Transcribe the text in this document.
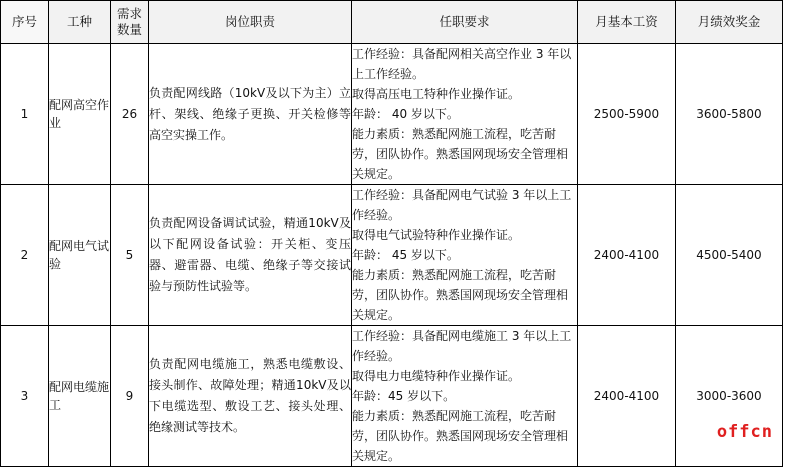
序号	工种	需求数量	岗位职责	任职要求	月基本工资	月绩效奖金
1	配网高空作业	26	负责配网线路（10kV及以下为主）立杆、架线、绝缘子更换、开关检修等高空实操工作。	工作经验：具备配网相关高空作业 3 年以上工作经验。
取得高压电工特种作业操作证。
年龄： 40 岁以下。
能力素质：熟悉配网施工流程，吃苦耐劳，团队协作。熟悉国网现场安全管理相关规定。	2500-5900	3600-5800
2	配网电气试验	5	负责配网设备调试试验，精通10kV及以下配网设备试验：开关柜、变压器、避雷器、电缆、绝缘子等交接试验与预防性试验等。	工作经验：具备配网电气试验 3 年以上工作经验。
取得电气试验特种作业操作证。
年龄： 45 岁以下。
能力素质：熟悉配网施工流程，吃苦耐劳，团队协作。熟悉国网现场安全管理相关规定。	2400-4100	4500-5400
3	配网电缆施工	9	负责配网电缆施工，熟悉电缆敷设、接头制作、故障处理；精通10kV及以下电缆选型、敷设工艺、接头处理、绝缘测试等技术。	工作经验：具备配网电缆施工 3 年以上工作经验。
取得电力电缆特种作业操作证。
年龄：45 岁以下。
能力素质：熟悉配网施工流程，吃苦耐劳，团队协作。熟悉国网现场安全管理相关规定。	2400-4100	3000-3600
offcn
